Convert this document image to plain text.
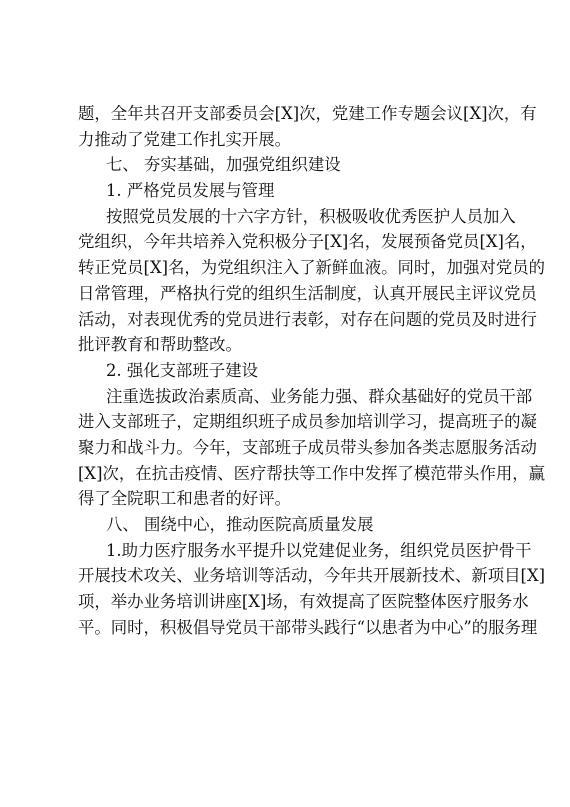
题，全年共召开支部委员会[X]次，党建工作专题会议[X]次，有
力推动了党建工作扎实开展。
七、 夯实基础，加强党组织建设
1. 严格党员发展与管理
按照党员发展的十六字方针，积极吸收优秀医护人员加入
党组织，今年共培养入党积极分子[X]名，发展预备党员[X]名，
转正党员[X]名，为党组织注入了新鲜血液。同时，加强对党员的
日常管理，严格执行党的组织生活制度，认真开展民主评议党员
活动，对表现优秀的党员进行表彰，对存在问题的党员及时进行
批评教育和帮助整改。
2. 强化支部班子建设
注重选拔政治素质高、业务能力强、群众基础好的党员干部
进入支部班子，定期组织班子成员参加培训学习，提高班子的凝
聚力和战斗力。今年，支部班子成员带头参加各类志愿服务活动
[X]次，在抗击疫情、医疗帮扶等工作中发挥了模范带头作用，赢
得了全院职工和患者的好评。
八、 围绕中心，推动医院高质量发展
1.助力医疗服务水平提升以党建促业务，组织党员医护骨干
开展技术攻关、业务培训等活动，今年共开展新技术、新项目[X]
项，举办业务培训讲座[X]场，有效提高了医院整体医疗服务水
平。同时，积极倡导党员干部带头践行“以患者为中心”的服务理
